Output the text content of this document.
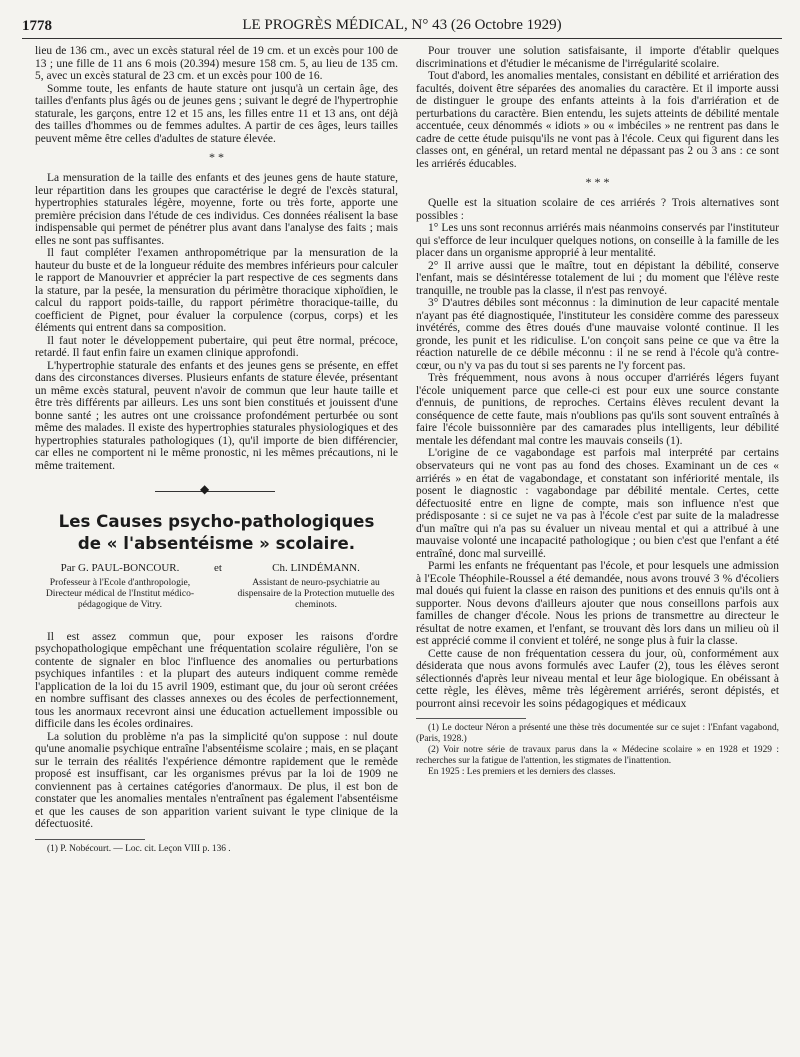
1778	LE PROGRÈS MÉDICAL, N° 43 (26 Octobre 1929)

lieu de 136 cm., avec un excès statural réel de 19 cm. et un excès pour 100 de 13 ; une fille de 11 ans 6 mois (20.394) mesure 158 cm. 5, au lieu de 135 cm. 5, avec un excès statural de 23 cm. et un excès pour 100 de 16.

Somme toute, les enfants de haute stature ont jusqu'à un certain âge, des tailles d'enfants plus âgés ou de jeunes gens ; suivant le degré de l'hypertrophie staturale, les garçons, entre 12 et 15 ans, les filles entre 11 et 13 ans, ont déjà des tailles d'hommes ou de femmes adultes. A partir de ces âges, leurs tailles peuvent même être celles d'adultes de stature élevée.

* *

La mensuration de la taille des enfants et des jeunes gens de haute stature, leur répartition dans les groupes que caractérise le degré de l'excès statural, hypertrophies staturales légère, moyenne, forte ou très forte, apporte une première précision dans l'étude de ces individus. Ces données réalisent la base indispensable qui permet de pénétrer plus avant dans l'analyse des faits ; mais elles ne sont pas suffisantes.

Il faut compléter l'examen anthropométrique par la mensuration de la hauteur du buste et de la longueur réduite des membres inférieurs pour calculer le rapport de Manouvrier et apprécier la part respective de ces segments dans la stature, par la pesée, la mensuration du périmètre thoracique xiphoïdien, le calcul du rapport poids-taille, du rapport périmètre thoracique-taille, du coefficient de Pignet, pour évaluer la corpulence (corpus, corps) et les éléments qui entrent dans sa composition.

Il faut noter le développement pubertaire, qui peut être normal, précoce, retardé. Il faut enfin faire un examen clinique approfondi.

L'hypertrophie staturale des enfants et des jeunes gens se présente, en effet dans des circonstances diverses. Plusieurs enfants de stature élevée, présentant un même excès statural, peuvent n'avoir de commun que leur haute taille et être très différents par ailleurs. Les uns sont bien constitués et jouissent d'une bonne santé ; les autres ont une croissance profondément perturbée ou sont même des malades. Il existe des hypertrophies staturales physiologiques et des hypertrophies staturales pathologiques (1), qu'il importe de bien différencier, car elles ne comportent ni le même pronostic, ni les mêmes précautions, ni le même traitement.

◆
Les Causes psycho-pathologiques
de « l'absentéisme » scolaire.
Par G. PAUL-BONCOUR.
Professeur à l'Ecole d'anthropologie, Directeur médical de l'Institut médico-pédagogique de Vitry.
et	Ch. LINDÉMANN.
Assistant de neuro-psychiatrie au dispensaire de la Protection mutuelle des cheminots.

Il est assez commun que, pour exposer les raisons d'ordre psychopathologique empêchant une fréquentation scolaire régulière, l'on se contente de signaler en bloc l'influence des anomalies ou perturbations psychiques infantiles : et la plupart des auteurs indiquent comme remède l'application de la loi du 15 avril 1909, estimant que, du jour où seront créées en nombre suffisant des classes annexes ou des écoles de perfectionnement, tous les anormaux recevront ainsi une éducation actuellement impossible ou difficile dans les écoles ordinaires.

La solution du problème n'a pas la simplicité qu'on suppose : nul doute qu'une anomalie psychique entraîne l'absentéisme scolaire ; mais, en se plaçant sur le terrain des réalités l'expérience démontre rapidement que le remède proposé est insuffisant, car les organismes prévus par la loi de 1909 ne conviennent pas à certaines catégories d'anormaux. De plus, il est bon de constater que les anomalies mentales n'entraînent pas également l'absentéisme et que les causes de son apparition varient suivant le type clinique de la défectuosité.

(1) P. Nobécourt. — Loc. cit. Leçon VIII p. 136 .

Pour trouver une solution satisfaisante, il importe d'établir quelques discriminations et d'étudier le mécanisme de l'irrégularité scolaire.

Tout d'abord, les anomalies mentales, consistant en débilité et arriération des facultés, doivent être séparées des anomalies du caractère. Et il importe aussi de distinguer le groupe des enfants atteints à la fois d'arriération et de perturbations du caractère. Bien entendu, les sujets atteints de débilité mentale accentuée, ceux dénommés « idiots » ou « imbéciles » ne rentrent pas dans le cadre de cette étude puisqu'ils ne vont pas à l'école. Ceux qui figurent dans les classes ont, en général, un retard mental ne dépassant pas 2 ou 3 ans : ce sont les arriérés éducables.

* * *

Quelle est la situation scolaire de ces arriérés ? Trois alternatives sont possibles :

1° Les uns sont reconnus arriérés mais néanmoins conservés par l'instituteur qui s'efforce de leur inculquer quelques notions, on conseille à la famille de les placer dans un organisme approprié à leur mentalité.

2° Il arrive aussi que le maître, tout en dépistant la débilité, conserve l'enfant, mais se désintéresse totalement de lui ; du moment que l'élève reste tranquille, ne trouble pas la classe, il n'est pas renvoyé.

3° D'autres débiles sont méconnus : la diminution de leur capacité mentale n'ayant pas été diagnostiquée, l'instituteur les considère comme des paresseux invétérés, comme des êtres doués d'une mauvaise volonté continue. Il les gronde, les punit et les ridiculise. L'on conçoit sans peine ce que va être la réaction naturelle de ce débile méconnu : il ne se rend à l'école qu'à contre-cœur, ou n'y va pas du tout si ses parents ne l'y forcent pas.

Très fréquemment, nous avons à nous occuper d'arriérés légers fuyant l'école uniquement parce que celle-ci est pour eux une source constante d'ennuis, de punitions, de reproches. Certains élèves reculent devant la conséquence de cette faute, mais n'oublions pas qu'ils sont souvent entraînés à faire l'école buissonnière par des camarades plus intelligents, leur débilité mentale les défendant mal contre les mauvais conseils (1).

L'origine de ce vagabondage est parfois mal interprété par certains observateurs qui ne vont pas au fond des choses. Examinant un de ces « arriérés » en état de vagabondage, et constatant son infériorité mentale, ils posent le diagnostic : vagabondage par débilité mentale. Certes, cette défectuosité entre en ligne de compte, mais son influence n'est que prédisposante : si ce sujet ne va pas à l'école c'est par suite de la maladresse d'un maître qui n'a pas su évaluer un niveau mental et qui a attribué à une mauvaise volonté une incapacité pathologique ; ou bien c'est que l'enfant a été entraîné, donc mal surveillé.

Parmi les enfants ne fréquentant pas l'école, et pour lesquels une admission à l'Ecole Théophile-Roussel a été demandée, nous avons trouvé 3 % d'écoliers mal doués qui fuient la classe en raison des punitions et des ennuis qu'ils ont à supporter. Nous devons d'ailleurs ajouter que nous conseillons parfois aux familles de changer d'école. Nous les prions de transmettre au directeur le résultat de notre examen, et l'enfant, se trouvant dès lors dans un milieu où il est apprécié comme il convient et toléré, ne songe plus à fuir la classe.

Cette cause de non fréquentation cessera du jour, où, conformément aux désiderata que nous avons formulés avec Laufer (2), tous les élèves seront sélectionnés d'après leur niveau mental et leur âge biologique. En obéissant à cette règle, les élèves, même très légèrement arriérés, seront dépistés, et pourront ainsi recevoir les soins pédagogiques et médicaux

(1) Le docteur Néron a présenté une thèse très documentée sur ce sujet : l'Enfant vagabond, (Paris, 1928.)

(2) Voir notre série de travaux parus dans la « Médecine scolaire » en 1928 et 1929 : recherches sur la fatigue de l'attention, les stigmates de l'inattention.

En 1925 : Les premiers et les derniers des classes.
